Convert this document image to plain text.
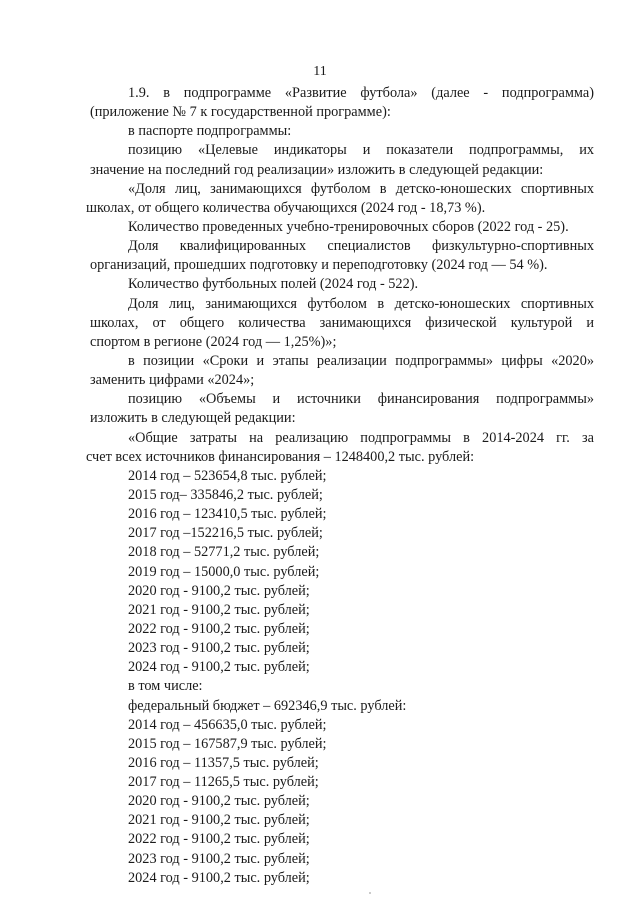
11
1.9. в подпрограмме «Развитие футбола» (далее - подпрограмма)
(приложение № 7 к государственной программе):
в паспорте подпрограммы:
позицию «Целевые индикаторы и показатели подпрограммы, их
значение на последний год реализации» изложить в следующей редакции:
«Доля лиц, занимающихся футболом в детско-юношеских спортивных
школах, от общего количества обучающихся (2024 год - 18,73 %).
Количество проведенных учебно-тренировочных сборов (2022 год - 25).
Доля квалифицированных специалистов физкультурно-спортивных
организаций, прошедших подготовку и переподготовку (2024 год — 54 %).
Количество футбольных полей (2024 год - 522).
Доля лиц, занимающихся футболом в детско-юношеских спортивных
школах, от общего количества занимающихся физической культурой и
спортом в регионе (2024 год — 1,25%)»;
в позиции «Сроки и этапы реализации подпрограммы» цифры «2020»
заменить цифрами «2024»;
позицию «Объемы и источники финансирования подпрограммы»
изложить в следующей редакции:
«Общие затраты на реализацию подпрограммы в 2014-2024 гг. за
счет всех источников финансирования – 1248400,2 тыс. рублей:
2014 год – 523654,8 тыс. рублей;
2015 год– 335846,2 тыс. рублей;
2016 год – 123410,5 тыс. рублей;
2017 год –152216,5 тыс. рублей;
2018 год – 52771,2 тыс. рублей;
2019 год – 15000,0 тыс. рублей;
2020 год - 9100,2 тыс. рублей;
2021 год - 9100,2 тыс. рублей;
2022 год - 9100,2 тыс. рублей;
2023 год - 9100,2 тыс. рублей;
2024 год - 9100,2 тыс. рублей;
в том числе:
федеральный бюджет – 692346,9 тыс. рублей:
2014 год – 456635,0 тыс. рублей;
2015 год – 167587,9 тыс. рублей;
2016 год – 11357,5 тыс. рублей;
2017 год – 11265,5 тыс. рублей;
2020 год - 9100,2 тыс. рублей;
2021 год - 9100,2 тыс. рублей;
2022 год - 9100,2 тыс. рублей;
2023 год - 9100,2 тыс. рублей;
2024 год - 9100,2 тыс. рублей;
